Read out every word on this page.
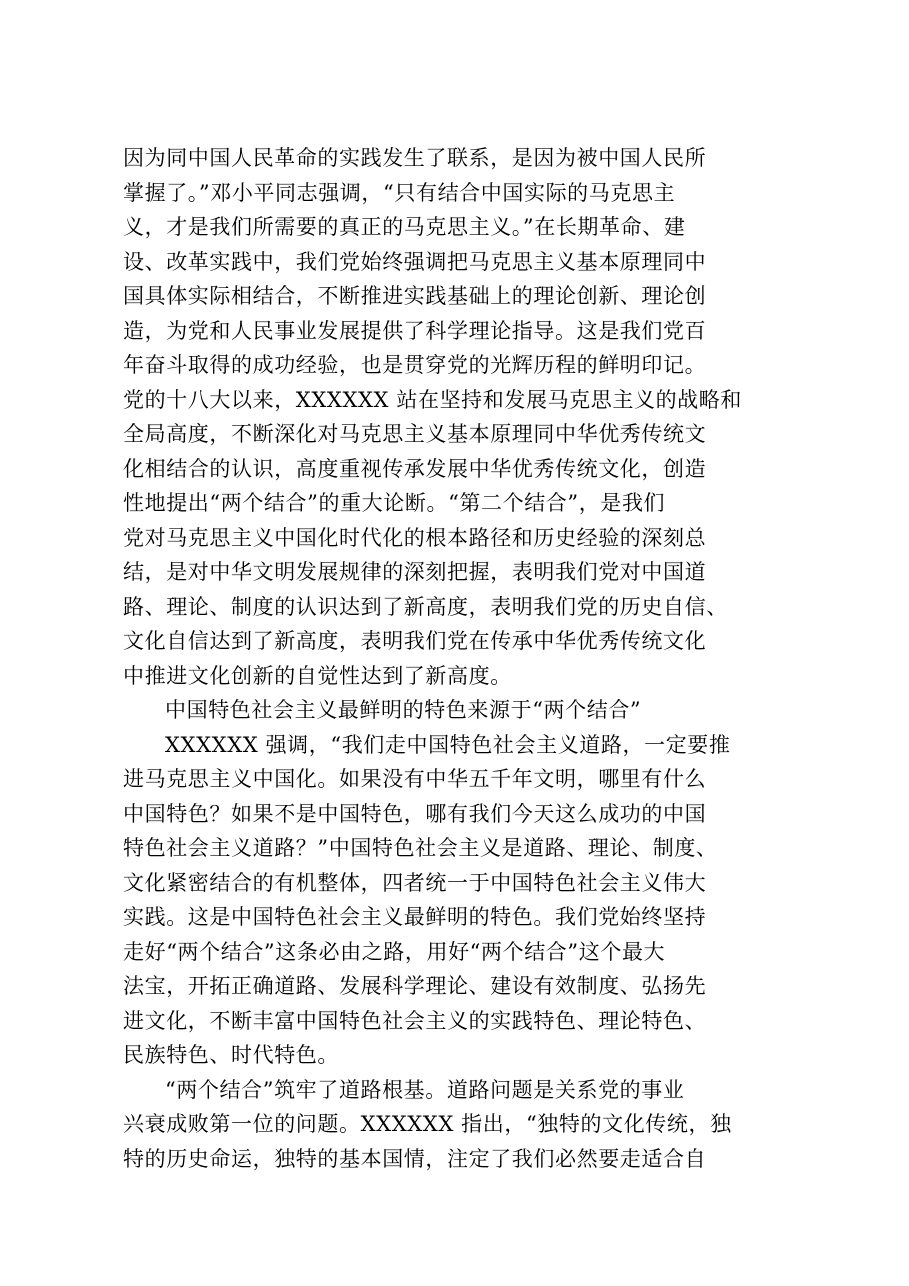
因为同中国人民革命的实践发生了联系，是因为被中国人民所
掌握了。”邓小平同志强调，“只有结合中国实际的马克思主
义，才是我们所需要的真正的马克思主义。”在长期革命、建
设、改革实践中，我们党始终强调把马克思主义基本原理同中
国具体实际相结合，不断推进实践基础上的理论创新、理论创
造，为党和人民事业发展提供了科学理论指导。这是我们党百
年奋斗取得的成功经验，也是贯穿党的光辉历程的鲜明印记。
党的十八大以来，XXXXXX 站在坚持和发展马克思主义的战略和
全局高度，不断深化对马克思主义基本原理同中华优秀传统文
化相结合的认识，高度重视传承发展中华优秀传统文化，创造
性地提出“两个结合”的重大论断。“第二个结合”，是我们
党对马克思主义中国化时代化的根本路径和历史经验的深刻总
结，是对中华文明发展规律的深刻把握，表明我们党对中国道
路、理论、制度的认识达到了新高度，表明我们党的历史自信、
文化自信达到了新高度，表明我们党在传承中华优秀传统文化
中推进文化创新的自觉性达到了新高度。

中国特色社会主义最鲜明的特色来源于“两个结合”

XXXXXX 强调，“我们走中国特色社会主义道路，一定要推
进马克思主义中国化。如果没有中华五千年文明，哪里有什么
中国特色？如果不是中国特色，哪有我们今天这么成功的中国
特色社会主义道路？”中国特色社会主义是道路、理论、制度、
文化紧密结合的有机整体，四者统一于中国特色社会主义伟大
实践。这是中国特色社会主义最鲜明的特色。我们党始终坚持
走好“两个结合”这条必由之路，用好“两个结合”这个最大
法宝，开拓正确道路、发展科学理论、建设有效制度、弘扬先
进文化，不断丰富中国特色社会主义的实践特色、理论特色、
民族特色、时代特色。

“两个结合”筑牢了道路根基。道路问题是关系党的事业
兴衰成败第一位的问题。XXXXXX 指出，“独特的文化传统，独
特的历史命运，独特的基本国情，注定了我们必然要走适合自
